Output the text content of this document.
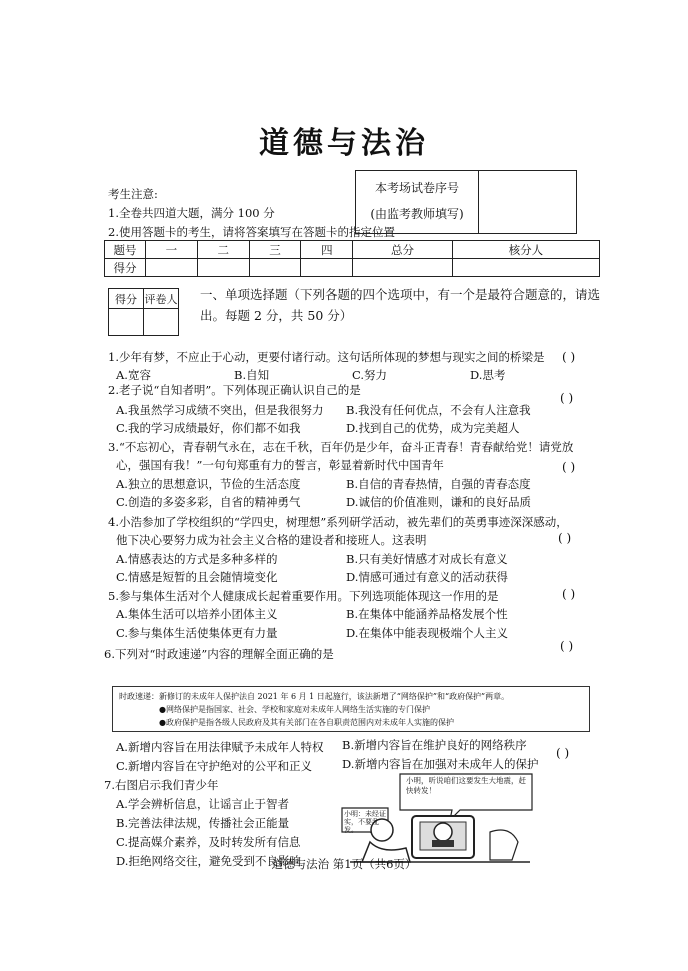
道德与法治
考生注意:
1.全卷共四道大题，满分 100 分
2.使用答题卡的考生，请将答案填写在答题卡的指定位置
本考场试卷序号
(由监考教师填写)
题号	一	二	三	四	总分	核分人
得分						
得分	评卷人
	一、单项选择题（下列各题的四个选项中，有一个是最符合题意的，请选
出。每题 2 分，共 50 分）
1.少年有梦，不应止于心动，更要付诸行动。这句话所体现的梦想与现实之间的桥梁是 ( )
A.宽容	B.自知	C.努力	D.思考
2.老子说“自知者明”。下列体现正确认识自己的是
( )
A.我虽然学习成绩不突出，但是我很努力 B.我没有任何优点，不会有人注意我
C.我的学习成绩最好，你们都不如我	D.找到自己的优势，成为完美超人
3.“不忘初心，青春朝气永在，志在千秋，百年仍是少年，奋斗正青春！青春献给党！请党放
心，强国有我！”一句句郑重有力的誓言，彰显着新时代中国青年	( )
A.独立的思想意识，节俭的生活态度	B.自信的青春热情，自强的青春态度
C.创造的多姿多彩，自省的精神勇气	D.诚信的价值准则，谦和的良好品质
4.小浩参加了学校组织的“学四史，树理想”系列研学活动，被先辈们的英勇事迹深深感动，
他下决心要努力成为社会主义合格的建设者和接班人。这表明	( )
A.情感表达的方式是多种多样的	B.只有美好情感才对成长有意义
C.情感是短暂的且会随情境变化	D.情感可通过有意义的活动获得
5.参与集体生活对个人健康成长起着重要作用。下列选项能体现这一作用的是	( )
A.集体生活可以培养小团体主义	B.在集体中能涵养品格发展个性
C.参与集体生活使集体更有力量	D.在集体中能表现极端个人主义
6.下列对“时政速递”内容的理解全面正确的是
( )
时政速递：新修订的未成年人保护法自 2021 年 6 月 1 日起施行，该法新增了“网络保护”和“政府保护”两章。
●网络保护是指国家、社会、学校和家庭对未成年人网络生活实施的专门保护
●政府保护是指各级人民政府及其有关部门在各自职责范围内对未成年人实施的保护
A.新增内容旨在用法律赋予未成年人特权 B.新增内容旨在维护良好的网络秩序
C.新增内容旨在守护绝对的公平和正义	D.新增内容旨在加强对未成年人的保护
( )
7.右图启示我们青少年
A.学会辨析信息，让谣言止于智者
B.完善法律法规，传播社会正能量
C.提高媒介素养，及时转发所有信息
D.拒绝网络交往，避免受到不良影响
小明，听说咱们这要发生大地震，赶快转发！
小明：未经证实，不要乱发。
道德与法治 第1页（共6页）
